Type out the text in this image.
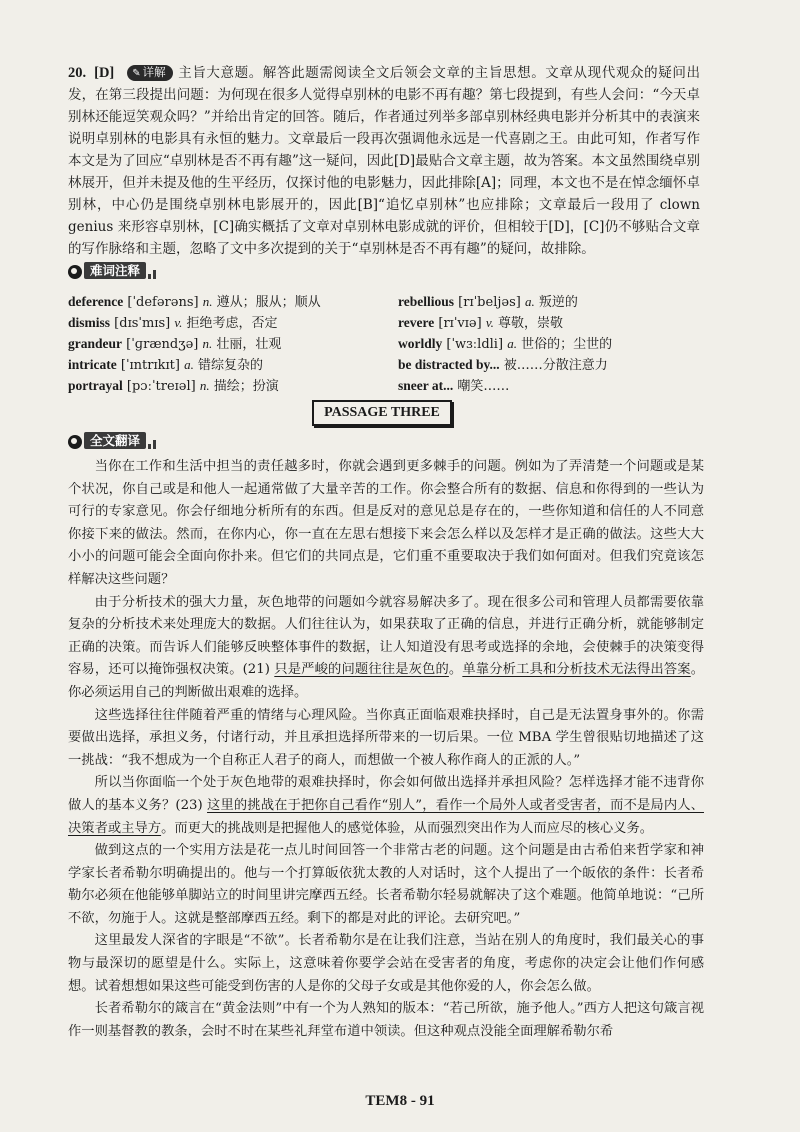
20. [D] ✎ 详解 主旨大意题。解答此题需阅读全文后领会文章的主旨思想。文章从现代观众的疑问出发，在第三段提出问题：为何现在很多人觉得卓别林的电影不再有趣？第七段提到，有些人会问：“今天卓别林还能逗笑观众吗？”并给出肯定的回答。随后，作者通过列举多部卓别林经典电影并分析其中的表演来说明卓别林的电影具有永恒的魅力。文章最后一段再次强调他永远是一代喜剧之王。由此可知，作者写作本文是为了回应“卓别林是否不再有趣”这一疑问，因此[D]最贴合文章主题，故为答案。本文虽然围绕卓别林展开，但并未提及他的生平经历，仅探讨他的电影魅力，因此排除[A]；同理，本文也不是在悼念缅怀卓别林，中心仍是围绕卓别林电影展开的，因此[B]“追忆卓别林”也应排除；文章最后一段用了 clown genius 来形容卓别林，[C]确实概括了文章对卓别林电影成就的评价，但相较于[D]，[C]仍不够贴合文章的写作脉络和主题，忽略了文中多次提到的关于“卓别林是否不再有趣”的疑问，故排除。
难词注释
deference [ˈdefərəns] n. 遵从；服从；顺从
dismiss [dɪsˈmɪs] v. 拒绝考虑，否定
grandeur [ˈɡrændʒə] n. 壮丽，壮观
intricate [ˈɪntrɪkɪt] a. 错综复杂的
portrayal [pɔːˈtreɪəl] n. 描绘；扮演
rebellious [rɪˈbeljəs] a. 叛逆的
revere [rɪˈvɪə] v. 尊敬，崇敬
worldly [ˈwɜːldli] a. 世俗的；尘世的
be distracted by... 被……分散注意力
sneer at... 嘲笑……
PASSAGE THREE
全文翻译

当你在工作和生活中担当的责任越多时，你就会遇到更多棘手的问题。例如为了弄清楚一个问题或是某个状况，你自己或是和他人一起通常做了大量辛苦的工作。你会整合所有的数据、信息和你得到的一些认为可行的专家意见。你会仔细地分析所有的东西。但是反对的意见总是存在的，一些你知道和信任的人不同意你接下来的做法。然而，在你内心，你一直在左思右想接下来会怎么样以及怎样才是正确的做法。这些大大小小的问题可能会全面向你扑来。但它们的共同点是，它们重不重要取决于我们如何面对。但我们究竟该怎样解决这些问题？

由于分析技术的强大力量，灰色地带的问题如今就容易解决多了。现在很多公司和管理人员都需要依靠复杂的分析技术来处理庞大的数据。人们往往认为，如果获取了正确的信息，并进行正确分析，就能够制定正确的决策。而告诉人们能够反映整体事件的数据，让人知道没有思考或选择的余地，会使棘手的决策变得容易，还可以掩饰强权决策。(21) 只是严峻的问题往往是灰色的。单靠分析工具和分析技术无法得出答案。你必须运用自己的判断做出艰难的选择。

这些选择往往伴随着严重的情绪与心理风险。当你真正面临艰难抉择时，自己是无法置身事外的。你需要做出选择，承担义务，付诸行动，并且承担选择所带来的一切后果。一位 MBA 学生曾很贴切地描述了这一挑战：“我不想成为一个自称正人君子的商人，而想做一个被人称作商人的正派的人。”

所以当你面临一个处于灰色地带的艰难抉择时，你会如何做出选择并承担风险？怎样选择才能不违背你做人的基本义务？(23) 这里的挑战在于把你自己看作“别人”，看作一个局外人或者受害者，而不是局内人、决策者或主导方。而更大的挑战则是把握他人的感觉体验，从而强烈突出作为人而应尽的核心义务。

做到这点的一个实用方法是花一点儿时间回答一个非常古老的问题。这个问题是由古希伯来哲学家和神学家长者希勒尔明确提出的。他与一个打算皈依犹太教的人对话时，这个人提出了一个皈依的条件：长者希勒尔必须在他能够单脚站立的时间里讲完摩西五经。长者希勒尔轻易就解决了这个难题。他简单地说：“己所不欲，勿施于人。这就是整部摩西五经。剩下的都是对此的评论。去研究吧。”

这里最发人深省的字眼是“不欲”。长者希勒尔是在让我们注意，当站在别人的角度时，我们最关心的事物与最深切的愿望是什么。实际上，这意味着你要学会站在受害者的角度，考虑你的决定会让他们作何感想。试着想想如果这些可能受到伤害的人是你的父母子女或是其他你爱的人，你会怎么做。

长者希勒尔的箴言在“黄金法则”中有一个为人熟知的版本：“若己所欲，施予他人。”西方人把这句箴言视作一则基督教的教条，会时不时在某些礼拜堂布道中领读。但这种观点没能全面理解希勒尔希

TEM8 - 91
